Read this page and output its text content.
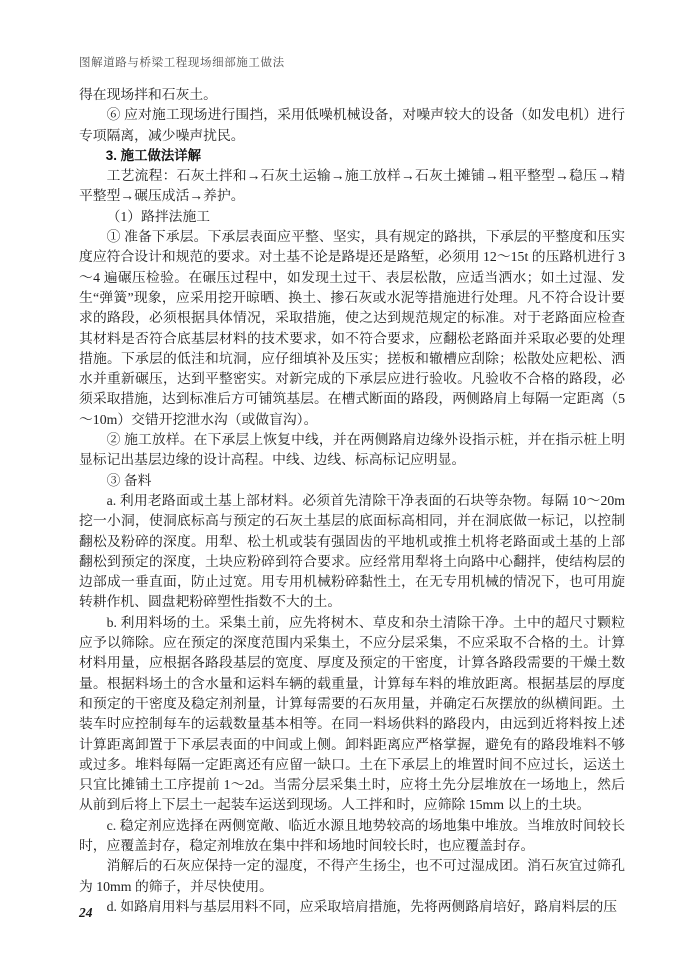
图解道路与桥梁工程现场细部施工做法

得在现场拌和石灰土。

⑥ 应对施工现场进行围挡，采用低噪机械设备，对噪声较大的设备（如发电机）进行专项隔离，减少噪声扰民。

3. 施工做法详解

工艺流程：石灰土拌和→石灰土运输→施工放样→石灰土摊铺→粗平整型→稳压→精平整型→碾压成活→养护。

（1）路拌法施工

① 准备下承层。下承层表面应平整、坚实，具有规定的路拱，下承层的平整度和压实度应符合设计和规范的要求。对土基不论是路堤还是路堑，必须用 12～15t 的压路机进行 3～4 遍碾压检验。在碾压过程中，如发现土过干、表层松散，应适当洒水；如土过湿、发生“弹簧”现象，应采用挖开晾晒、换土、掺石灰或水泥等措施进行处理。凡不符合设计要求的路段，必须根据具体情况，采取措施，使之达到规范规定的标准。对于老路面应检查其材料是否符合底基层材料的技术要求，如不符合要求，应翻松老路面并采取必要的处理措施。下承层的低洼和坑洞，应仔细填补及压实；搓板和辙槽应刮除；松散处应耙松、洒水并重新碾压，达到平整密实。对新完成的下承层应进行验收。凡验收不合格的路段，必须采取措施，达到标准后方可铺筑基层。在槽式断面的路段，两侧路肩上每隔一定距离（5～10m）交错开挖泄水沟（或做盲沟）。

② 施工放样。在下承层上恢复中线，并在两侧路肩边缘外设指示桩，并在指示桩上明显标记出基层边缘的设计高程。中线、边线、标高标记应明显。

③ 备料

a. 利用老路面或土基上部材料。必须首先清除干净表面的石块等杂物。每隔 10～20m 挖一小洞，使洞底标高与预定的石灰土基层的底面标高相同，并在洞底做一标记，以控制翻松及粉碎的深度。用犁、松土机或装有强固齿的平地机或推土机将老路面或土基的上部翻松到预定的深度，土块应粉碎到符合要求。应经常用犁将土向路中心翻拌，使结构层的边部成一垂直面，防止过宽。用专用机械粉碎黏性土，在无专用机械的情况下，也可用旋转耕作机、圆盘耙粉碎塑性指数不大的土。

b. 利用料场的土。采集土前，应先将树木、草皮和杂土清除干净。土中的超尺寸颗粒应予以筛除。应在预定的深度范围内采集土，不应分层采集，不应采取不合格的土。计算材料用量，应根据各路段基层的宽度、厚度及预定的干密度，计算各路段需要的干燥土数量。根据料场土的含水量和运料车辆的载重量，计算每车料的堆放距离。根据基层的厚度和预定的干密度及稳定剂剂量，计算每需要的石灰用量，并确定石灰摆放的纵横间距。土装车时应控制每车的运载数量基本相等。在同一料场供料的路段内，由远到近将料按上述计算距离卸置于下承层表面的中间或上侧。卸料距离应严格掌握，避免有的路段堆料不够或过多。堆料每隔一定距离还有应留一缺口。土在下承层上的堆置时间不应过长，运送土只宜比摊铺土工序提前 1～2d。当需分层采集土时，应将土先分层堆放在一场地上，然后从前到后将上下层土一起装车运送到现场。人工拌和时，应筛除 15mm 以上的土块。

c. 稳定剂应选择在两侧宽敞、临近水源且地势较高的场地集中堆放。当堆放时间较长时，应覆盖封存，稳定剂堆放在集中拌和场地时间较长时，也应覆盖封存。

消解后的石灰应保持一定的湿度，不得产生扬尘，也不可过湿成团。消石灰宜过筛孔为 10mm 的筛子，并尽快使用。

d. 如路肩用料与基层用料不同，应采取培肩措施，先将两侧路肩培好，路肩料层的压

24
